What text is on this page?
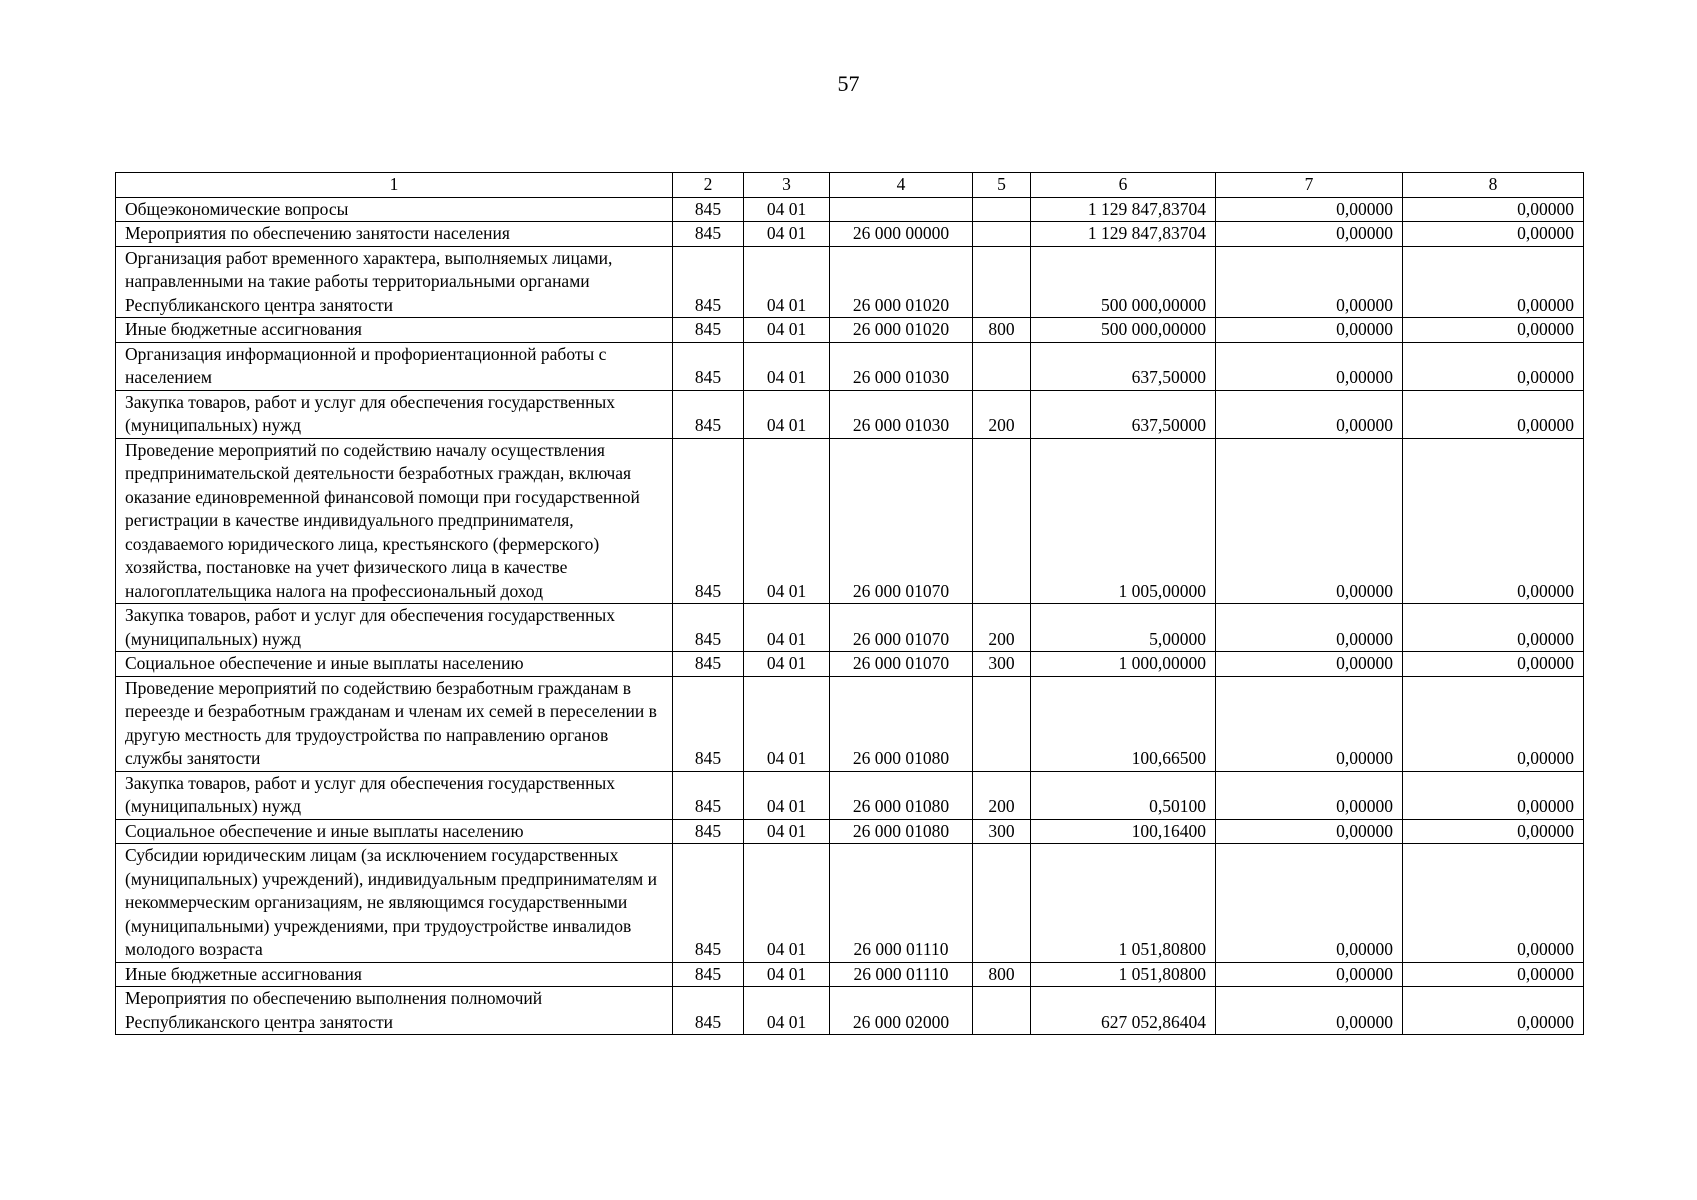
57
1	2	3	4	5	6	7	8
Общеэкономические вопросы	845	04 01			1 129 847,83704	0,00000	0,00000
Мероприятия по обеспечению занятости населения	845	04 01	26 000 00000		1 129 847,83704	0,00000	0,00000
Организация работ временного характера, выполняемых лицами, направленными на такие работы территориальными органами Республиканского центра занятости	845	04 01	26 000 01020		500 000,00000	0,00000	0,00000
Иные бюджетные ассигнования	845	04 01	26 000 01020	800	500 000,00000	0,00000	0,00000
Организация информационной и профориентационной работы с населением	845	04 01	26 000 01030		637,50000	0,00000	0,00000
Закупка товаров, работ и услуг для обеспечения государственных (муниципальных) нужд	845	04 01	26 000 01030	200	637,50000	0,00000	0,00000
Проведение мероприятий по содействию началу осуществления предпринимательской деятельности безработных граждан, включая оказание единовременной финансовой помощи при государственной регистрации в качестве индивидуального предпринимателя, создаваемого юридического лица, крестьянского (фермерского) хозяйства, постановке на учет физического лица в качестве налогоплательщика налога на профессиональный доход	845	04 01	26 000 01070		1 005,00000	0,00000	0,00000
Закупка товаров, работ и услуг для обеспечения государственных (муниципальных) нужд	845	04 01	26 000 01070	200	5,00000	0,00000	0,00000
Социальное обеспечение и иные выплаты населению	845	04 01	26 000 01070	300	1 000,00000	0,00000	0,00000
Проведение мероприятий по содействию безработным гражданам в переезде и безработным гражданам и членам их семей в переселении в другую местность для трудоустройства по направлению органов службы занятости	845	04 01	26 000 01080		100,66500	0,00000	0,00000
Закупка товаров, работ и услуг для обеспечения государственных (муниципальных) нужд	845	04 01	26 000 01080	200	0,50100	0,00000	0,00000
Социальное обеспечение и иные выплаты населению	845	04 01	26 000 01080	300	100,16400	0,00000	0,00000
Субсидии юридическим лицам (за исключением государственных (муниципальных) учреждений), индивидуальным предпринимателям и некоммерческим организациям, не являющимся государственными (муниципальными) учреждениями, при трудоустройстве инвалидов молодого возраста	845	04 01	26 000 01110		1 051,80800	0,00000	0,00000
Иные бюджетные ассигнования	845	04 01	26 000 01110	800	1 051,80800	0,00000	0,00000
Мероприятия по обеспечению выполнения полномочий Республиканского центра занятости	845	04 01	26 000 02000		627 052,86404	0,00000	0,00000
